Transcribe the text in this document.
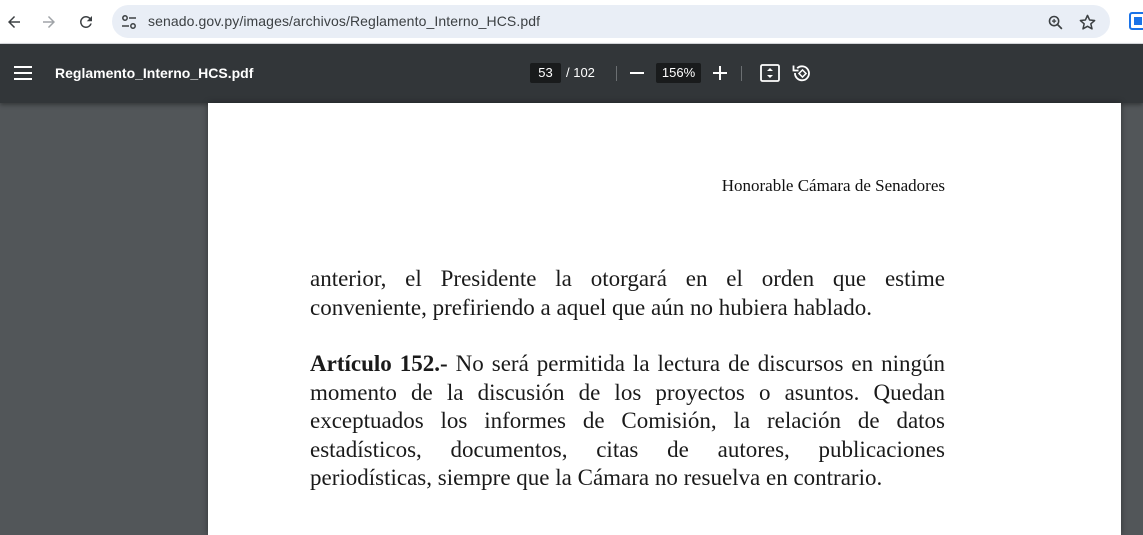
senado.gov.py/images/archivos/Reglamento_Interno_HCS.pdf
Reglamento_Interno_HCS.pdf	53	/ 102	156%
Honorable Cámara de Senadores
anterior, el Presidente la otorgará en el orden que estime conveniente, prefiriendo a aquel que aún no hubiera hablado.
Artículo 152.- No será permitida la lectura de discursos en ningún momento de la discusión de los proyectos o asuntos. Quedan exceptuados los informes de Comisión, la relación de datos estadísticos, documentos, citas de autores, publicaciones periodísticas, siempre que la Cámara no resuelva en contrario.
